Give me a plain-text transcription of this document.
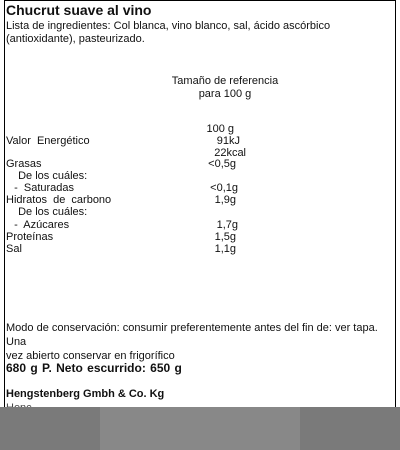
Chucrut suave al vino
Lista de ingredientes: Col blanca, vino blanco, sal, ácido ascórbico
(antioxidante), pasteurizado.
Tamaño de referencia
para 100 g
100 g
Valor  Energético	91kJ
22kcal
Grasas	<0,5g
De los cuáles:
-  Saturadas	<0,1g
Hidratos  de  carbono	1,9g
De los cuáles:
-  Azúcares	1,7g
Proteínas	1,5g
Sal	1,1g
Modo de conservación: consumir preferentemente antes del fin de: ver tapa. Una
vez abierto conservar en frigorífico
680 g P. Neto escurrido: 650 g
Hengstenberg Gmbh & Co. Kg
